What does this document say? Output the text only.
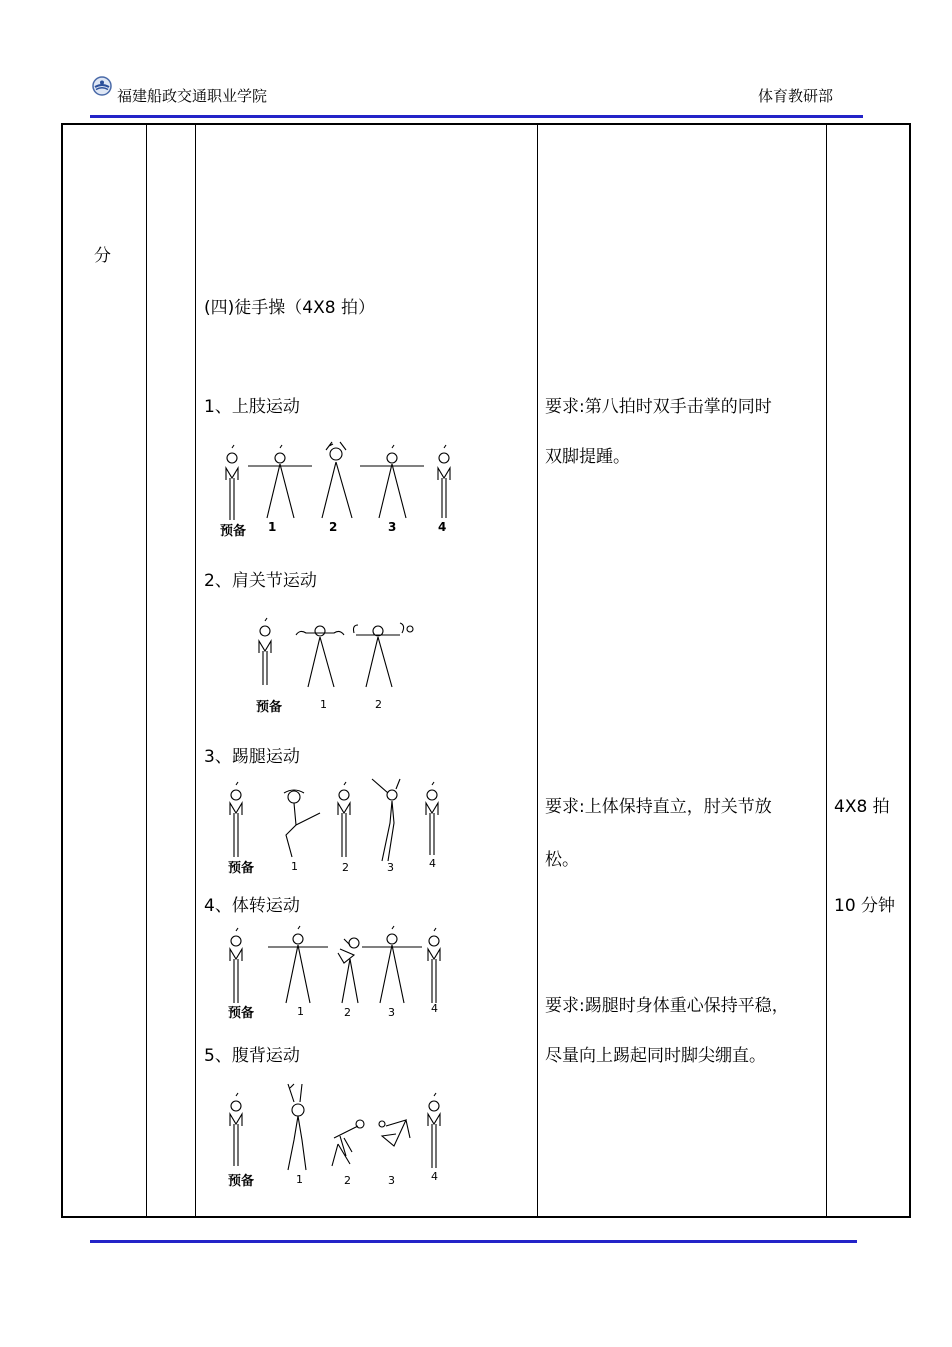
福建船政交通职业学院	体育教研部
分
(四)徒手操（4X8 拍）
1、上肢运动
预备 1	2	3	4
2、肩关节运动
预备	1	2
3、踢腿运动
预备	1	2	3	4
4、体转运动
预备	1	2	3	4
5、腹背运动
预备	1	2	3	4
要求:第八拍时双手击掌的同时
双脚提踵。
要求:上体保持直立，肘关节放
松。
要求:踢腿时身体重心保持平稳，
尽量向上踢起同时脚尖绷直。
4X8 拍
10 分钟
